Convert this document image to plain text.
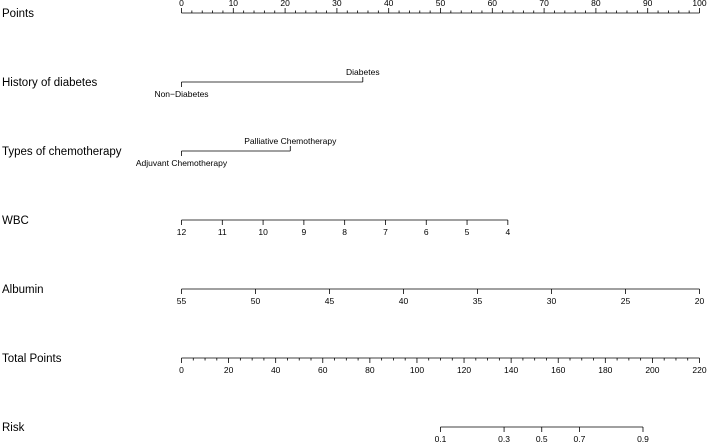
Points
0	10	20	30	40	50	60	70	80	90	100
History of diabetes
Non−Diabetes
Diabetes
Types of chemotherapy
Adjuvant Chemotherapy
Palliative Chemotherapy
WBC
12	11	10	9	8	7	6	5	4
Albumin
55	50	45	40	35	30	25	20
Total Points
0	20	40	60	80	100	120	140	160	180	200	220
Risk
0.1	0.3	0.5	0.7	0.9
